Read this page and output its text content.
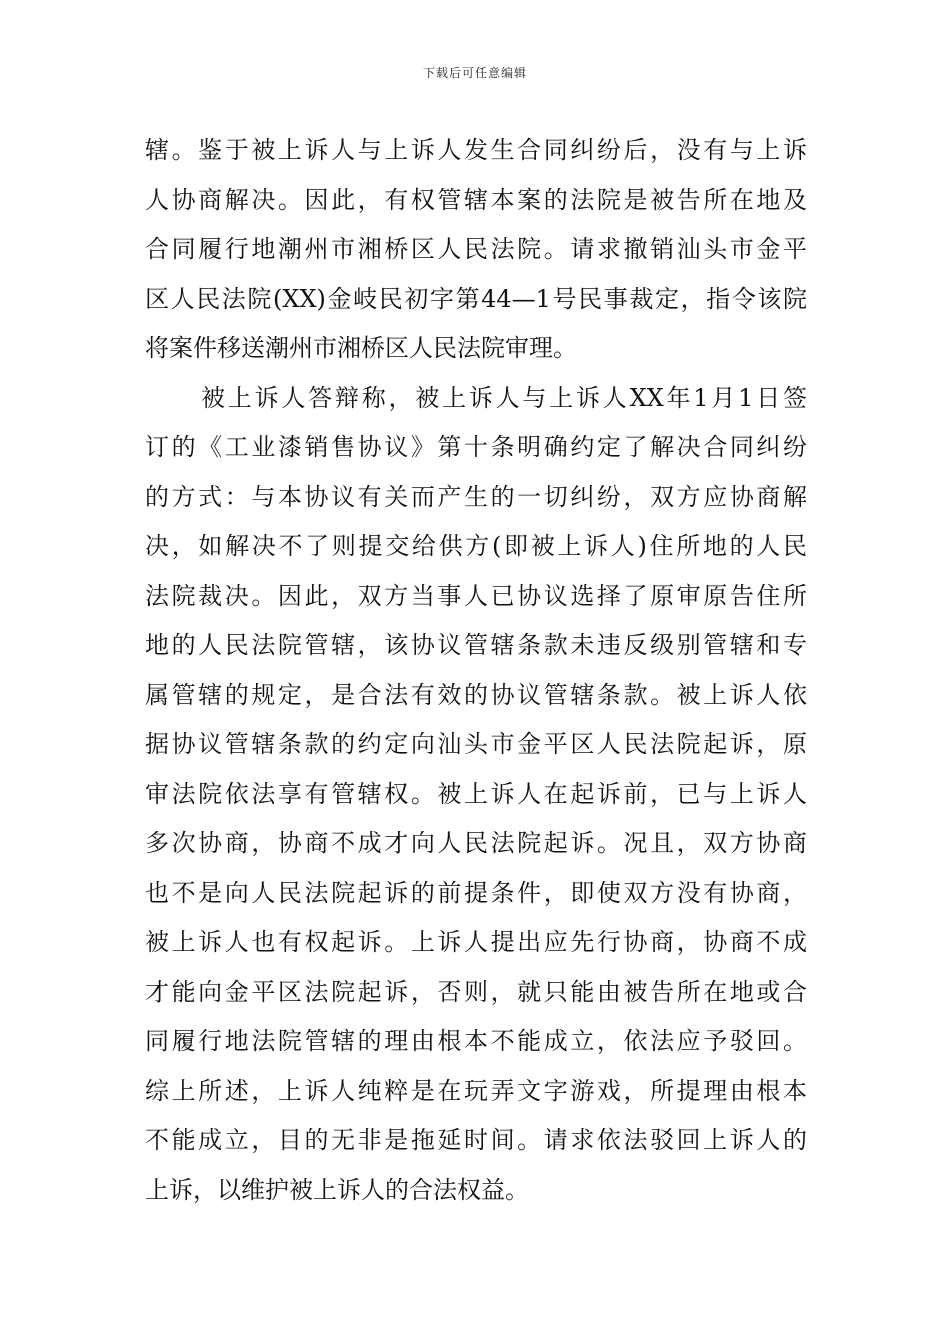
下载后可任意编辑
辖。鉴于被上诉人与上诉人发生合同纠纷后，没有与上诉
人协商解决。因此，有权管辖本案的法院是被告所在地及
合同履行地潮州市湘桥区人民法院。请求撤销汕头市金平
区人民法院(XX)金岐民初字第44—1号民事裁定，指令该院
将案件移送潮州市湘桥区人民法院审理。
被上诉人答辩称，被上诉人与上诉人XX年1月1日签
订的《工业漆销售协议》第十条明确约定了解决合同纠纷
的方式：与本协议有关而产生的一切纠纷，双方应协商解
决，如解决不了则提交给供方(即被上诉人)住所地的人民
法院裁决。因此，双方当事人已协议选择了原审原告住所
地的人民法院管辖，该协议管辖条款未违反级别管辖和专
属管辖的规定，是合法有效的协议管辖条款。被上诉人依
据协议管辖条款的约定向汕头市金平区人民法院起诉，原
审法院依法享有管辖权。被上诉人在起诉前，已与上诉人
多次协商，协商不成才向人民法院起诉。况且，双方协商
也不是向人民法院起诉的前提条件，即使双方没有协商，
被上诉人也有权起诉。上诉人提出应先行协商，协商不成
才能向金平区法院起诉，否则，就只能由被告所在地或合
同履行地法院管辖的理由根本不能成立，依法应予驳回。
综上所述，上诉人纯粹是在玩弄文字游戏，所提理由根本
不能成立，目的无非是拖延时间。请求依法驳回上诉人的
上诉，以维护被上诉人的合法权益。
